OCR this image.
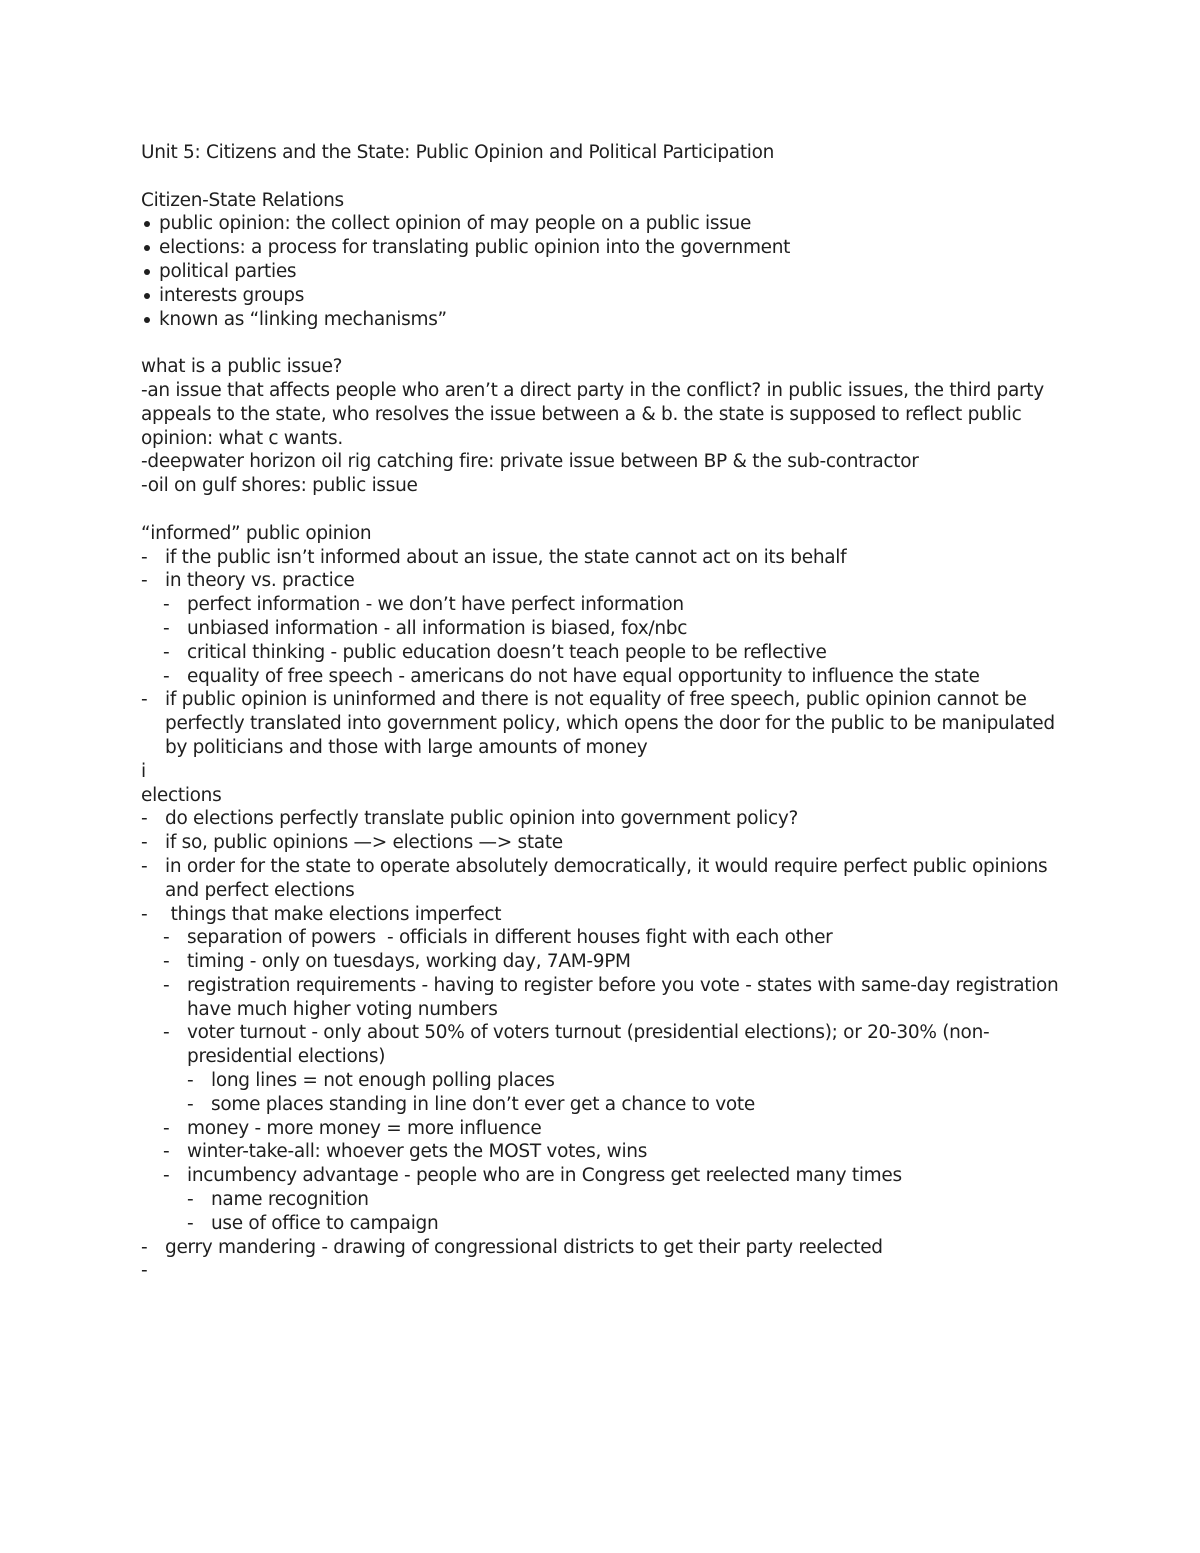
Unit 5: Citizens and the State: Public Opinion and Political Participation
Citizen-State Relations
public opinion: the collect opinion of may people on a public issue
elections: a process for translating public opinion into the government
political parties
interests groups
known as “linking mechanisms”
what is a public issue?
-an issue that affects people who aren’t a direct party in the conflict? in public issues, the third party
appeals to the state, who resolves the issue between a & b. the state is supposed to reflect public
opinion: what c wants.
-deepwater horizon oil rig catching fire: private issue between BP & the sub-contractor
-oil on gulf shores: public issue
“informed” public opinion
- if the public isn’t informed about an issue, the state cannot act on its behalf
- in theory vs. practice
- perfect information - we don’t have perfect information
- unbiased information - all information is biased, fox/nbc
- critical thinking - public education doesn’t teach people to be reflective
- equality of free speech - americans do not have equal opportunity to influence the state
- if public opinion is uninformed and there is not equality of free speech, public opinion cannot be
perfectly translated into government policy, which opens the door for the public to be manipulated
by politicians and those with large amounts of money
i
elections
- do elections perfectly translate public opinion into government policy?
- if so, public opinions —> elections —> state
- in order for the state to operate absolutely democratically, it would require perfect public opinions
and perfect elections
- things that make elections imperfect
- separation of powers  - officials in different houses fight with each other
- timing - only on tuesdays, working day, 7AM-9PM
- registration requirements - having to register before you vote - states with same-day registration
have much higher voting numbers
- voter turnout - only about 50% of voters turnout (presidential elections); or 20-30% (non-
presidential elections)
- long lines = not enough polling places
- some places standing in line don’t ever get a chance to vote
- money - more money = more influence
- winter-take-all: whoever gets the MOST votes, wins
- incumbency advantage - people who are in Congress get reelected many times
- name recognition
- use of office to campaign
- gerry mandering - drawing of congressional districts to get their party reelected
-
